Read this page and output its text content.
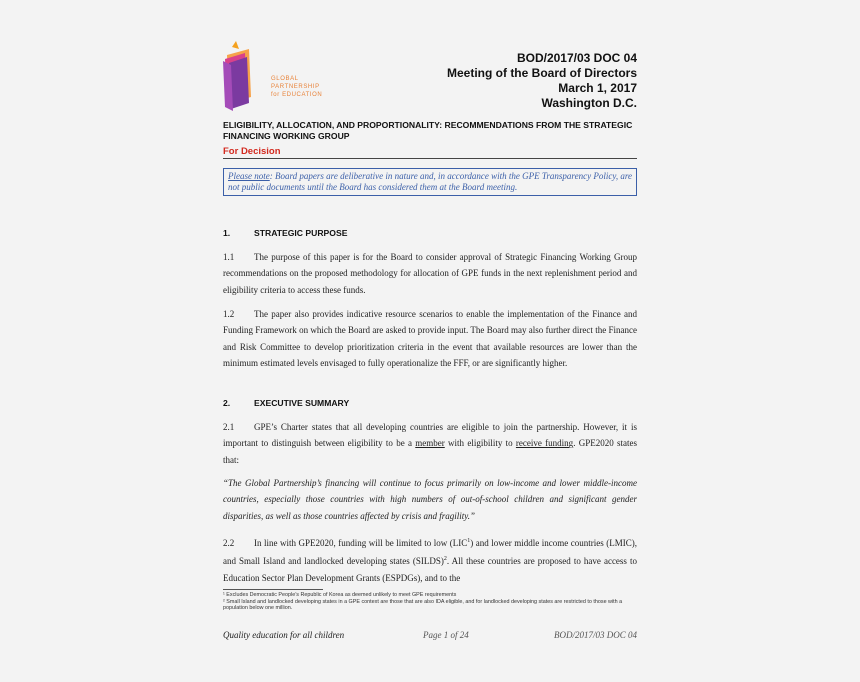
GLOBAL
PARTNERSHIP
for EDUCATION
BOD/2017/03 DOC 04
Meeting of the Board of Directors
March 1, 2017
Washington D.C.
ELIGIBILITY, ALLOCATION, AND PROPORTIONALITY: RECOMMENDATIONS FROM THE STRATEGIC FINANCING WORKING GROUP
For Decision
Please note: Board papers are deliberative in nature and, in accordance with the GPE Transparency Policy, are not public documents until the Board has considered them at the Board meeting.
1.	STRATEGIC PURPOSE
1.1 The purpose of this paper is for the Board to consider approval of Strategic Financing Working Group recommendations on the proposed methodology for allocation of GPE funds in the next replenishment period and eligibility criteria to access these funds.
1.2 The paper also provides indicative resource scenarios to enable the implementation of the Finance and Funding Framework on which the Board are asked to provide input. The Board may also further direct the Finance and Risk Committee to develop prioritization criteria in the event that available resources are lower than the minimum estimated levels envisaged to fully operationalize the FFF, or are significantly higher.
2.	EXECUTIVE SUMMARY
2.1 GPE’s Charter states that all developing countries are eligible to join the partnership. However, it is important to distinguish between eligibility to be a member with eligibility to receive funding. GPE2020 states that:
“The Global Partnership’s financing will continue to focus primarily on low-income and lower middle-income countries, especially those countries with high numbers of out-of-school children and significant gender disparities, as well as those countries affected by crisis and fragility.”
2.2 In line with GPE2020, funding will be limited to low (LIC$^1$) and lower middle income countries (LMIC), and Small Island and landlocked developing states (SILDS)$^2$. All these countries are proposed to have access to Education Sector Plan Development Grants (ESPDGs), and to the
¹ Excludes Democratic People’s Republic of Korea as deemed unlikely to meet GPE requirements
² Small Island and landlocked developing states in a GPE context are those that are also IDA eligible, and for landlocked developing states are restricted to those with a population below one million.
Quality education for all children	Page 1 of 24	BOD/2017/03 DOC 04
